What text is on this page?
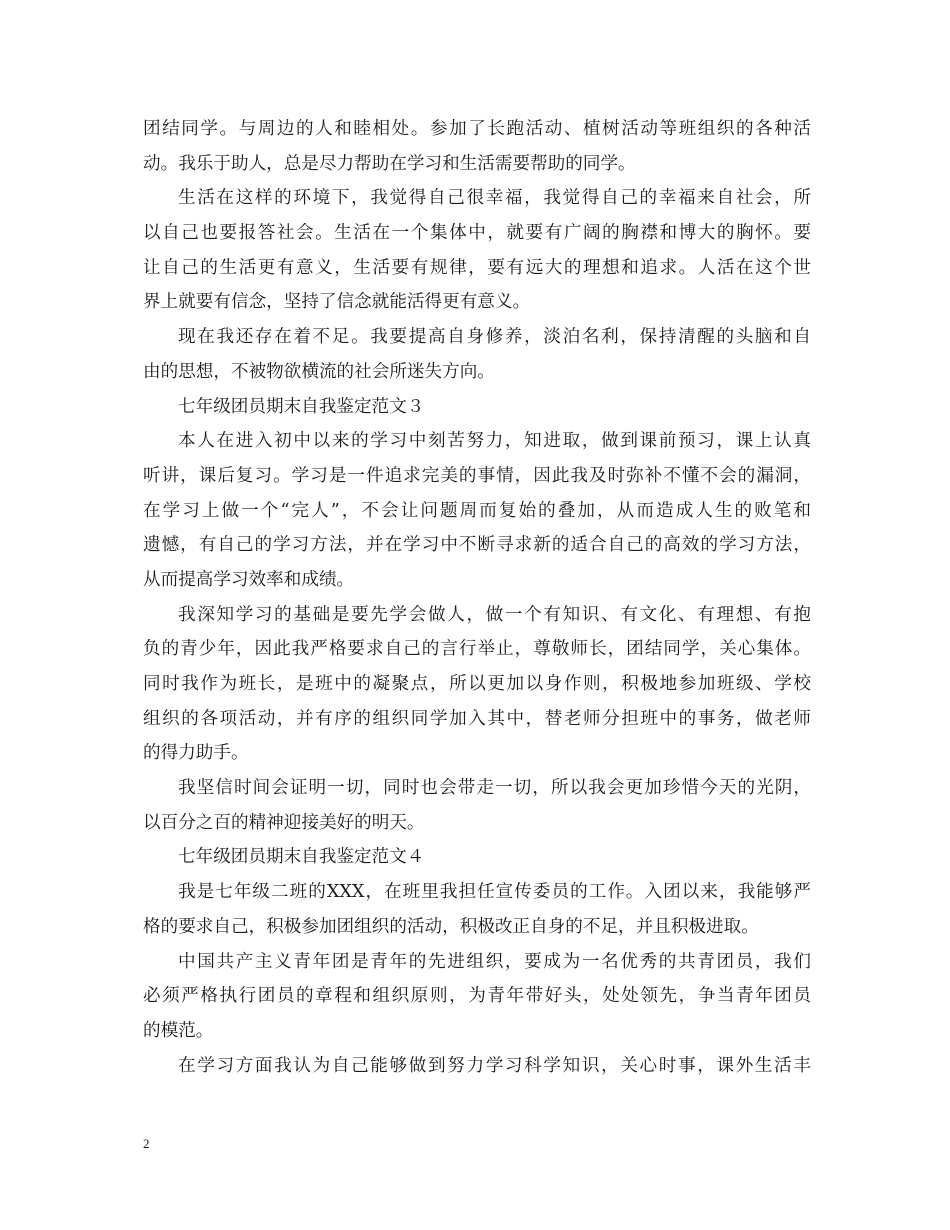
团结同学。与周边的人和睦相处。参加了长跑活动、植树活动等班组织的各种活
动。我乐于助人，总是尽力帮助在学习和生活需要帮助的同学。
生活在这样的环境下，我觉得自己很幸福，我觉得自己的幸福来自社会，所
以自己也要报答社会。生活在一个集体中，就要有广阔的胸襟和博大的胸怀。要
让自己的生活更有意义，生活要有规律，要有远大的理想和追求。人活在这个世
界上就要有信念，坚持了信念就能活得更有意义。
现在我还存在着不足。我要提高自身修养，淡泊名利，保持清醒的头脑和自
由的思想，不被物欲横流的社会所迷失方向。
七年级团员期末自我鉴定范文３
本人在进入初中以来的学习中刻苦努力，知进取，做到课前预习，课上认真
听讲，课后复习。学习是一件追求完美的事情，因此我及时弥补不懂不会的漏洞，
在学习上做一个“完人”，不会让问题周而复始的叠加，从而造成人生的败笔和
遗憾，有自己的学习方法，并在学习中不断寻求新的适合自己的高效的学习方法，
从而提高学习效率和成绩。
我深知学习的基础是要先学会做人，做一个有知识、有文化、有理想、有抱
负的青少年，因此我严格要求自己的言行举止，尊敬师长，团结同学，关心集体。
同时我作为班长，是班中的凝聚点，所以更加以身作则，积极地参加班级、学校
组织的各项活动，并有序的组织同学加入其中，替老师分担班中的事务，做老师
的得力助手。
我坚信时间会证明一切，同时也会带走一切，所以我会更加珍惜今天的光阴，
以百分之百的精神迎接美好的明天。
七年级团员期末自我鉴定范文４
我是七年级二班的XXX，在班里我担任宣传委员的工作。入团以来，我能够严
格的要求自己，积极参加团组织的活动，积极改正自身的不足，并且积极进取。
中国共产主义青年团是青年的先进组织，要成为一名优秀的共青团员，我们
必须严格执行团员的章程和组织原则，为青年带好头，处处领先，争当青年团员
的模范。
在学习方面我认为自己能够做到努力学习科学知识，关心时事，课外生活丰
2
